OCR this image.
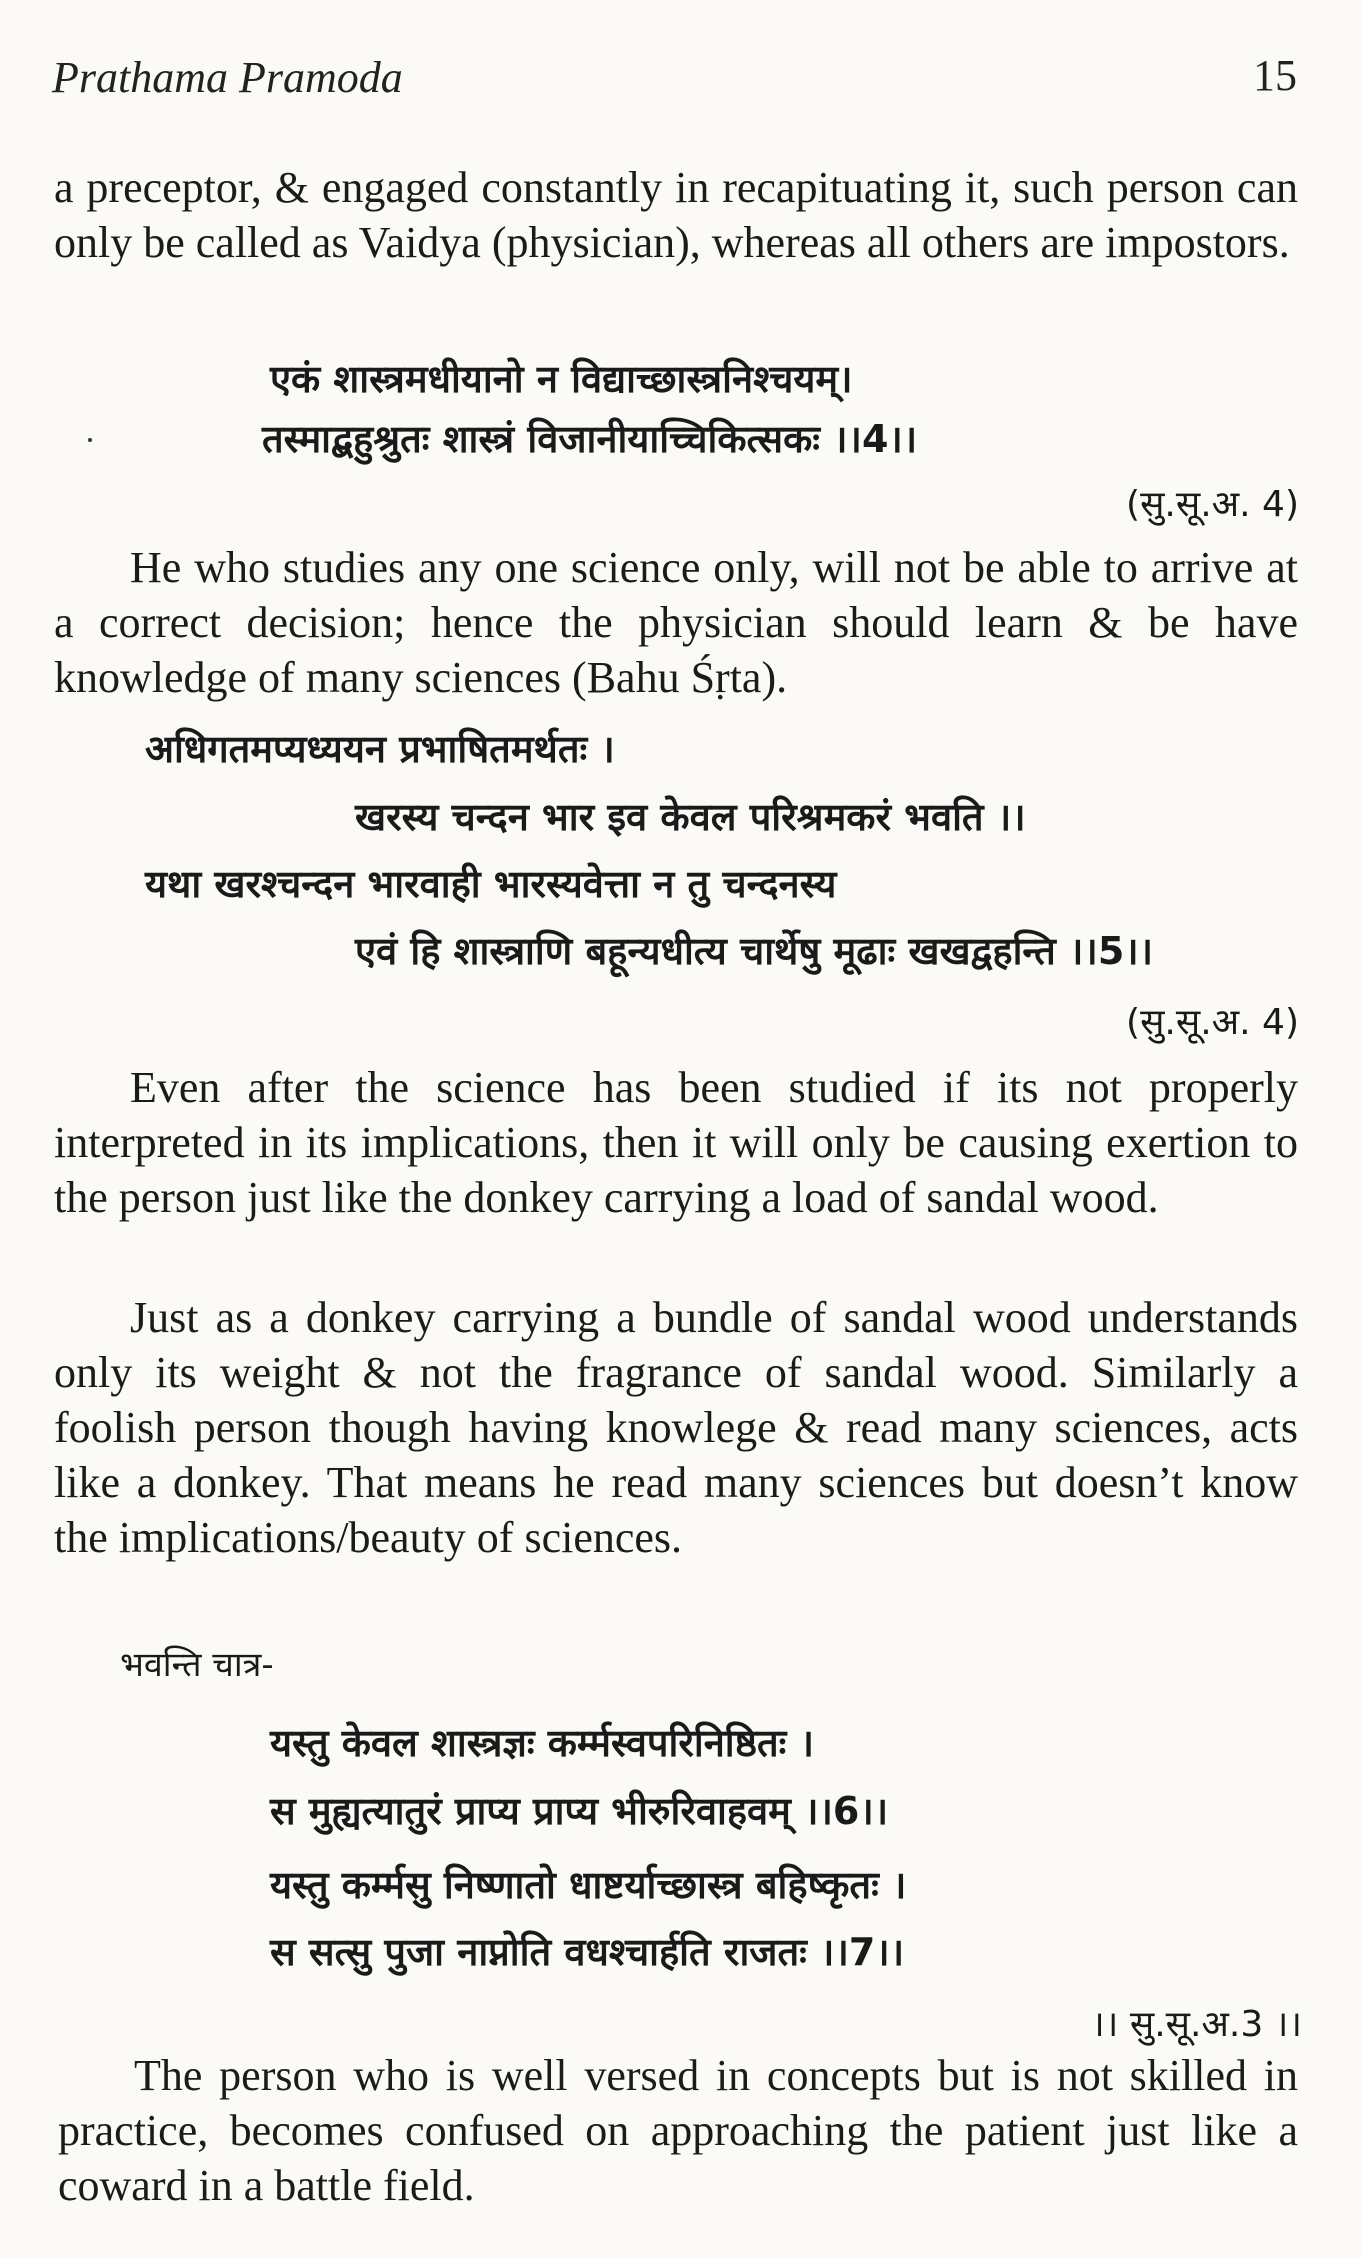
Prathama Pramoda	15

a preceptor, & engaged constantly in recapituating it, such person can only be called as Vaidya (physician), whereas all others are impostors.

एकं शास्त्रमधीयानो न विद्याच्छास्त्रनिश्चयम्।
तस्माद्बहुश्रुतः शास्त्रं विजानीयाच्चिकित्सकः ।।4।।
(सु.सू.अ. 4)

He who studies any one science only, will not be able to arrive at a correct decision; hence the physician should learn & be have knowledge of many sciences (Bahu Śṛta).

अधिगतमप्यध्ययन प्रभाषितमर्थतः ।
खरस्य चन्दन भार इव केवल परिश्रमकरं भवति ।।
यथा खरश्चन्दन भारवाही भारस्यवेत्ता न तु चन्दनस्य
एवं हि शास्त्राणि बहून्यधीत्य चार्थेषु मूढाः खखद्वहन्ति ।।5।।
(सु.सू.अ. 4)

Even after the science has been studied if its not properly interpreted in its implications, then it will only be causing exertion to the person just like the donkey carrying a load of sandal wood.

Just as a donkey carrying a bundle of sandal wood understands only its weight & not the fragrance of sandal wood. Similarly a foolish person though having knowlege & read many sciences, acts like a donkey. That means he read many sciences but doesn’t know the implications/beauty of sciences.

भवन्ति चात्र-
यस्तु केवल शास्त्रज्ञः कर्म्मस्वपरिनिष्ठितः ।
स मुह्यत्यातुरं प्राप्य प्राप्य भीरुरिवाहवम् ।।6।।
यस्तु कर्म्मसु निष्णातो धाष्टर्याच्छास्त्र बहिष्कृतः ।
स सत्सु पुजा नाप्नोति वधश्चार्हति राजतः ।।7।।
।। सु.सू.अ.3 ।।

The person who is well versed in concepts but is not skilled in practice, becomes confused on approaching the patient just like a coward in a battle field.
